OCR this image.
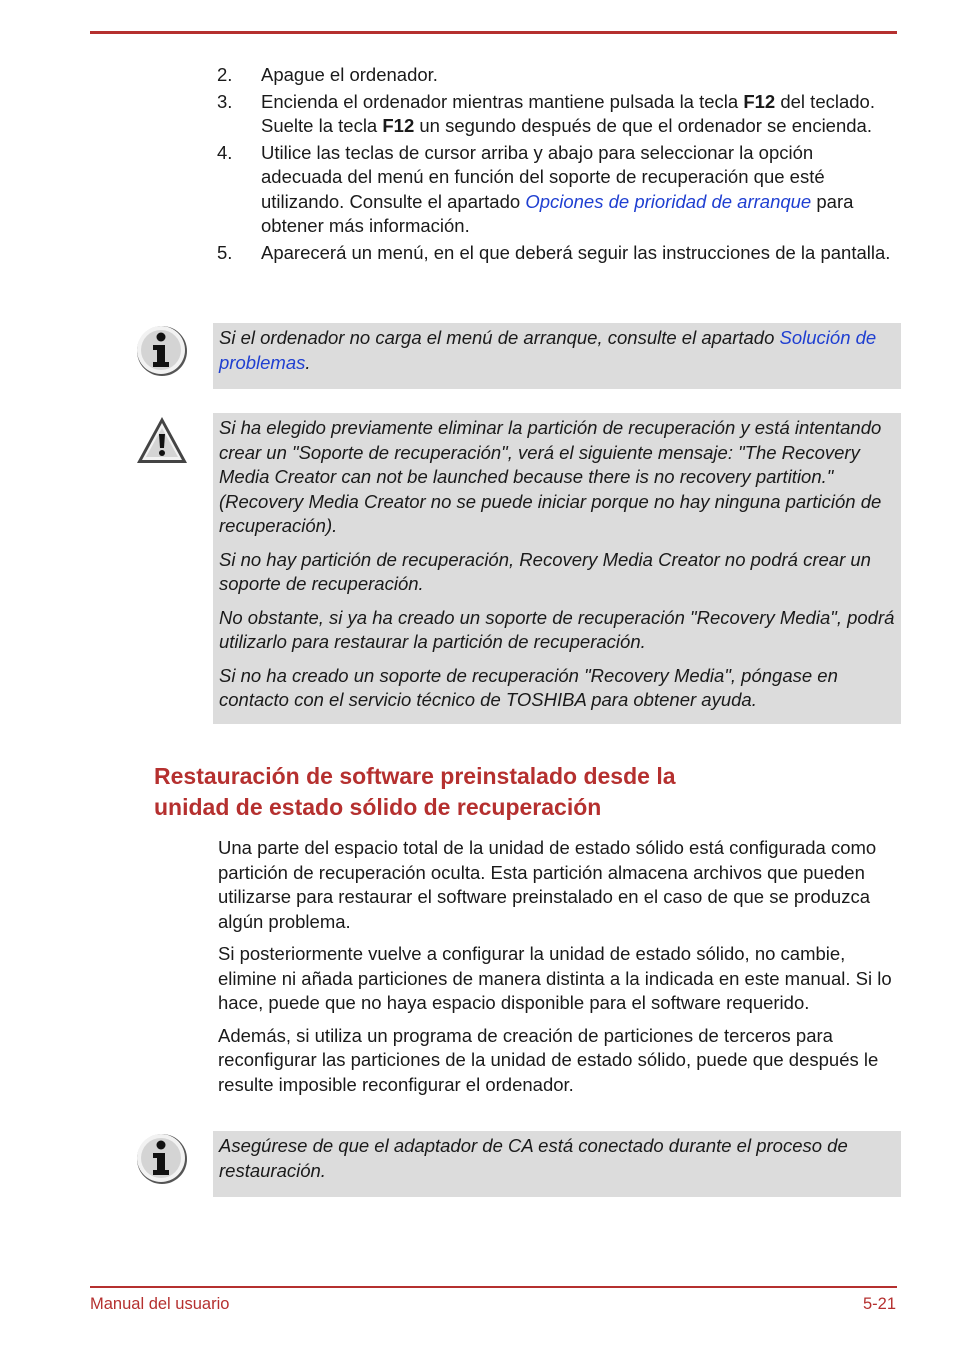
2. Apague el ordenador.
3. Encienda el ordenador mientras mantiene pulsada la tecla F12 del teclado. Suelte la tecla F12 un segundo después de que el ordenador se encienda.
4. Utilice las teclas de cursor arriba y abajo para seleccionar la opción adecuada del menú en función del soporte de recuperación que esté utilizando. Consulte el apartado Opciones de prioridad de arranque para obtener más información.
5. Aparecerá un menú, en el que deberá seguir las instrucciones de la pantalla.

Si el ordenador no carga el menú de arranque, consulte el apartado Solución de problemas.

Si ha elegido previamente eliminar la partición de recuperación y está intentando crear un "Soporte de recuperación", verá el siguiente mensaje: "The Recovery Media Creator can not be launched because there is no recovery partition." (Recovery Media Creator no se puede iniciar porque no hay ninguna partición de recuperación).

Si no hay partición de recuperación, Recovery Media Creator no podrá crear un soporte de recuperación.

No obstante, si ya ha creado un soporte de recuperación "Recovery Media", podrá utilizarlo para restaurar la partición de recuperación.

Si no ha creado un soporte de recuperación "Recovery Media", póngase en contacto con el servicio técnico de TOSHIBA para obtener ayuda.

Restauración de software preinstalado desde la
unidad de estado sólido de recuperación

Una parte del espacio total de la unidad de estado sólido está configurada como partición de recuperación oculta. Esta partición almacena archivos que pueden utilizarse para restaurar el software preinstalado en el caso de que se produzca algún problema.

Si posteriormente vuelve a configurar la unidad de estado sólido, no cambie, elimine ni añada particiones de manera distinta a la indicada en este manual. Si lo hace, puede que no haya espacio disponible para el software requerido.

Además, si utiliza un programa de creación de particiones de terceros para reconfigurar las particiones de la unidad de estado sólido, puede que después le resulte imposible reconfigurar el ordenador.

Asegúrese de que el adaptador de CA está conectado durante el proceso de restauración.

Manual del usuario	5-21
